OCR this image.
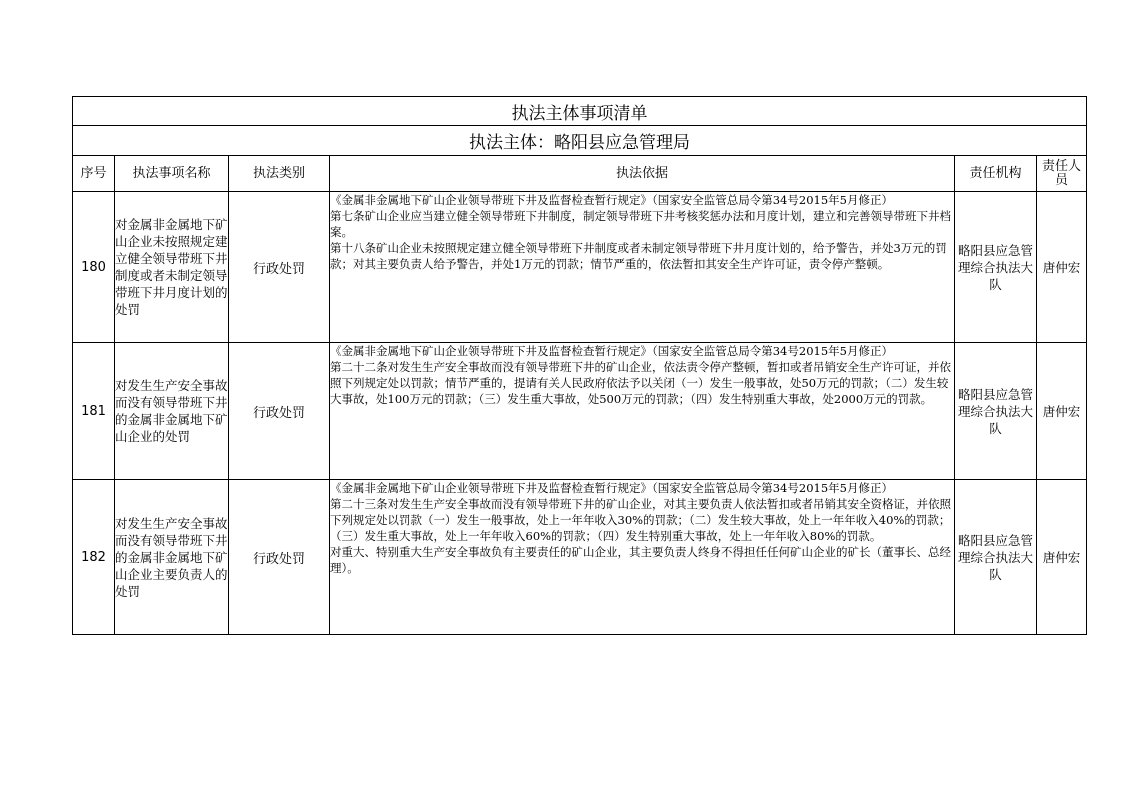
执法主体事项清单					
执法主体：略阳县应急管理局					
序号	执法事项名称	执法类别	执法依据	责任机构	责任人员
180	对金属非金属地下矿山企业未按照规定建立健全领导带班下井制度或者未制定领导带班下井月度计划的处罚	行政处罚	《金属非金属地下矿山企业领导带班下井及监督检查暂行规定》（国家安全监管总局令第34号2015年5月修正）

第七条矿山企业应当建立健全领导带班下井制度，制定领导带班下井考核奖惩办法和月度计划，建立和完善领导带班下井档案。

第十八条矿山企业未按照规定建立健全领导带班下井制度或者未制定领导带班下井月度计划的，给予警告，并处3万元的罚款；对其主要负责人给予警告，并处1万元的罚款；情节严重的，依法暂扣其安全生产许可证，责令停产整顿。	略阳县应急管理综合执法大队	唐仲宏
181	对发生生产安全事故而没有领导带班下井的金属非金属地下矿山企业的处罚	行政处罚	《金属非金属地下矿山企业领导带班下井及监督检查暂行规定》（国家安全监管总局令第34号2015年5月修正）

第二十二条对发生生产安全事故而没有领导带班下井的矿山企业，依法责令停产整顿，暂扣或者吊销安全生产许可证，并依照下列规定处以罚款；情节严重的，提请有关人民政府依法予以关闭（一）发生一般事故，处50万元的罚款；（二）发生较大事故，处100万元的罚款；（三）发生重大事故，处500万元的罚款；（四）发生特别重大事故，处2000万元的罚款。	略阳县应急管理综合执法大队	唐仲宏
182	对发生生产安全事故而没有领导带班下井的金属非金属地下矿山企业主要负责人的处罚	行政处罚	《金属非金属地下矿山企业领导带班下井及监督检查暂行规定》（国家安全监管总局令第34号2015年5月修正）

第二十三条对发生生产安全事故而没有领导带班下井的矿山企业，对其主要负责人依法暂扣或者吊销其安全资格证，并依照下列规定处以罚款（一）发生一般事故，处上一年年收入30%的罚款；（二）发生较大事故，处上一年年收入40%的罚款；（三）发生重大事故，处上一年年收入60%的罚款；（四）发生特别重大事故，处上一年年收入80%的罚款。

对重大、特别重大生产安全事故负有主要责任的矿山企业，其主要负责人终身不得担任任何矿山企业的矿长（董事长、总经理）。	略阳县应急管理综合执法大队	唐仲宏
